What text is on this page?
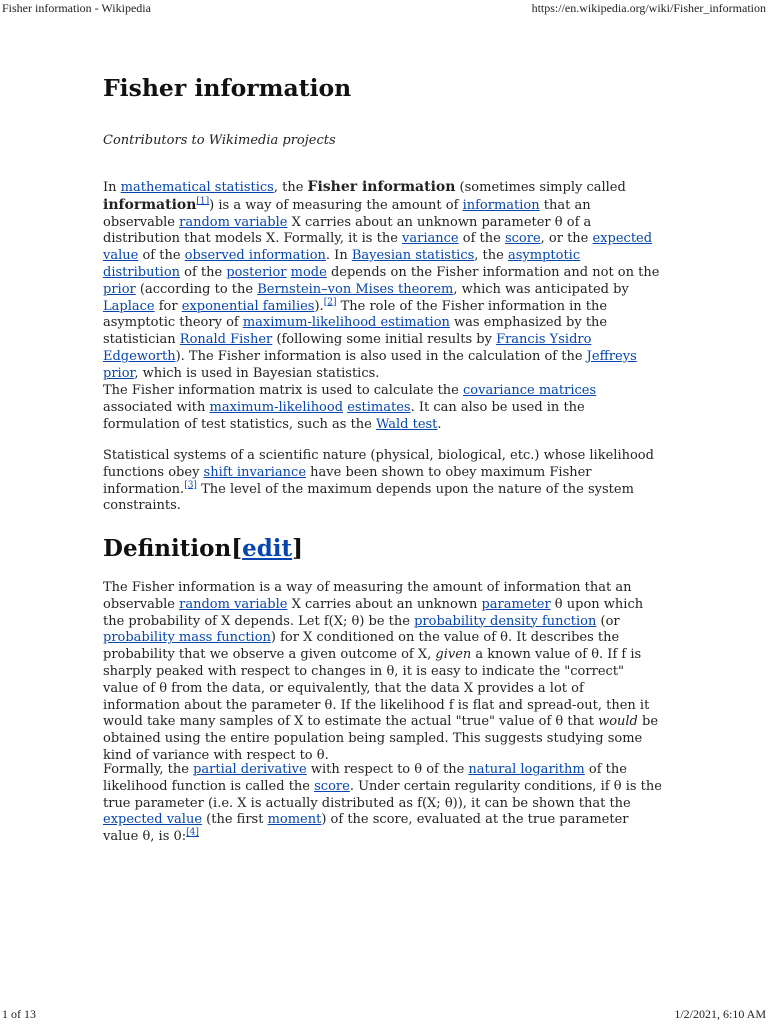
Fisher information - Wikipedia	https://en.wikipedia.org/wiki/Fisher_information
Fisher information

Contributors to Wikimedia projects

In mathematical statistics, the Fisher information (sometimes simply called information[1]) is a way of measuring the amount of information that an observable random variable X carries about an unknown parameter θ of a distribution that models X. Formally, it is the variance of the score, or the expected value of the observed information. In Bayesian statistics, the asymptotic distribution of the posterior mode depends on the Fisher information and not on the prior (according to the Bernstein–von Mises theorem, which was anticipated by Laplace for exponential families).[2] The role of the Fisher information in the asymptotic theory of maximum-likelihood estimation was emphasized by the statistician Ronald Fisher (following some initial results by Francis Ysidro Edgeworth). The Fisher information is also used in the calculation of the Jeffreys prior, which is used in Bayesian statistics.

The Fisher information matrix is used to calculate the covariance matrices associated with maximum-likelihood estimates. It can also be used in the formulation of test statistics, such as the Wald test.

Statistical systems of a scientific nature (physical, biological, etc.) whose likelihood functions obey shift invariance have been shown to obey maximum Fisher information.[3] The level of the maximum depends upon the nature of the system constraints.

Definition[edit]

The Fisher information is a way of measuring the amount of information that an observable random variable X carries about an unknown parameter θ upon which the probability of X depends. Let f(X; θ) be the probability density function (or probability mass function) for X conditioned on the value of θ. It describes the probability that we observe a given outcome of X, given a known value of θ. If f is sharply peaked with respect to changes in θ, it is easy to indicate the "correct" value of θ from the data, or equivalently, that the data X provides a lot of information about the parameter θ. If the likelihood f is flat and spread-out, then it would take many samples of X to estimate the actual "true" value of θ that would be obtained using the entire population being sampled. This suggests studying some kind of variance with respect to θ.

Formally, the partial derivative with respect to θ of the natural logarithm of the likelihood function is called the score. Under certain regularity conditions, if θ is the true parameter (i.e. X is actually distributed as f(X; θ)), it can be shown that the expected value (the first moment) of the score, evaluated at the true parameter value θ, is 0:[4]

1 of 13	1/2/2021, 6:10 AM
